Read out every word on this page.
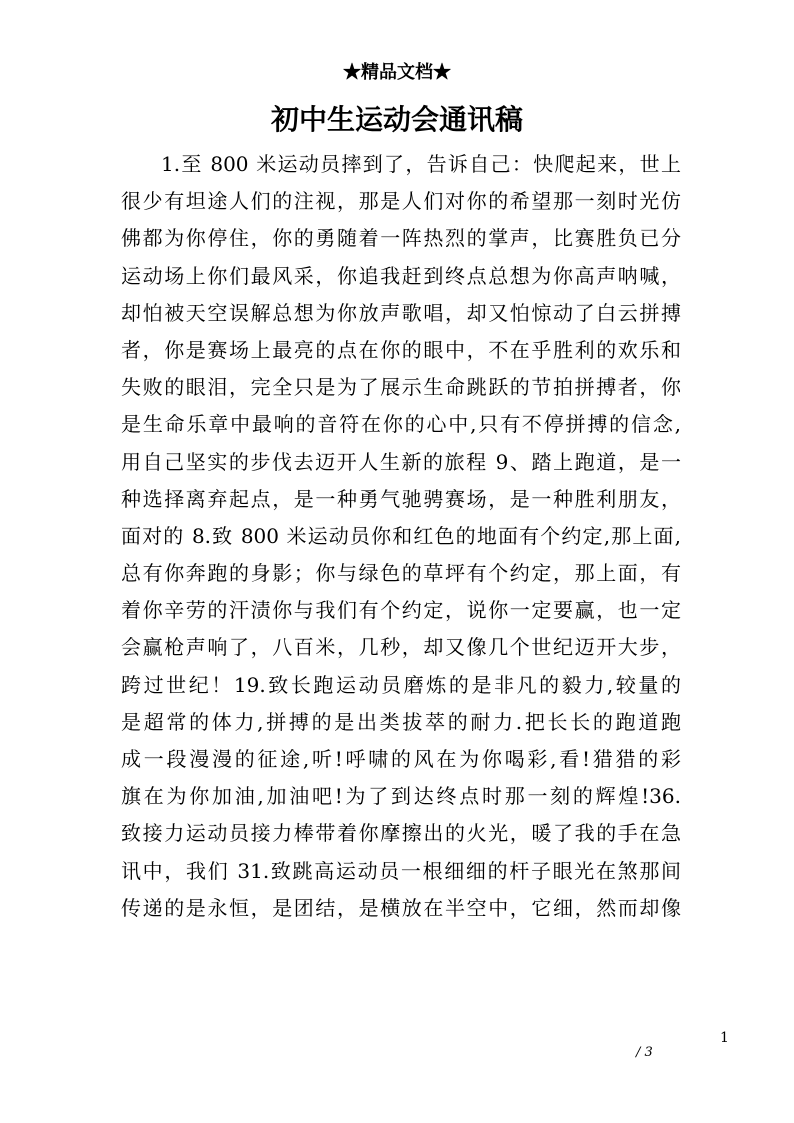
★精品文档★
初中生运动会通讯稿
1.至 800 米运动员摔到了，告诉自己：快爬起来，世上
很少有坦途人们的注视，那是人们对你的希望那一刻时光仿
佛都为你停住，你的勇随着一阵热烈的掌声，比赛胜负已分
运动场上你们最风采，你追我赶到终点总想为你高声呐喊，
却怕被天空误解总想为你放声歌唱，却又怕惊动了白云拼搏
者，你是赛场上最亮的点在你的眼中，不在乎胜利的欢乐和
失败的眼泪，完全只是为了展示生命跳跃的节拍拼搏者，你
是生命乐章中最响的音符在你的心中,只有不停拼搏的信念,
用自己坚实的步伐去迈开人生新的旅程 9、踏上跑道，是一
种选择离弃起点，是一种勇气驰骋赛场，是一种胜利朋友，
面对的 8.致 800 米运动员你和红色的地面有个约定,那上面,
总有你奔跑的身影；你与绿色的草坪有个约定，那上面，有
着你辛劳的汗渍你与我们有个约定，说你一定要赢，也一定
会赢枪声响了，八百米，几秒，却又像几个世纪迈开大步，
跨过世纪！19.致长跑运动员磨炼的是非凡的毅力,较量的
是超常的体力,拼搏的是出类拔萃的耐力.把长长的跑道跑
成一段漫漫的征途,听!呼啸的风在为你喝彩,看!猎猎的彩
旗在为你加油,加油吧!为了到达终点时那一刻的辉煌!36.
致接力运动员接力棒带着你摩擦出的火光，暖了我的手在急
讯中，我们 31.致跳高运动员一根细细的杆子眼光在煞那间
传递的是永恒，是团结，是横放在半空中，它细，然而却像
1
/ 3
